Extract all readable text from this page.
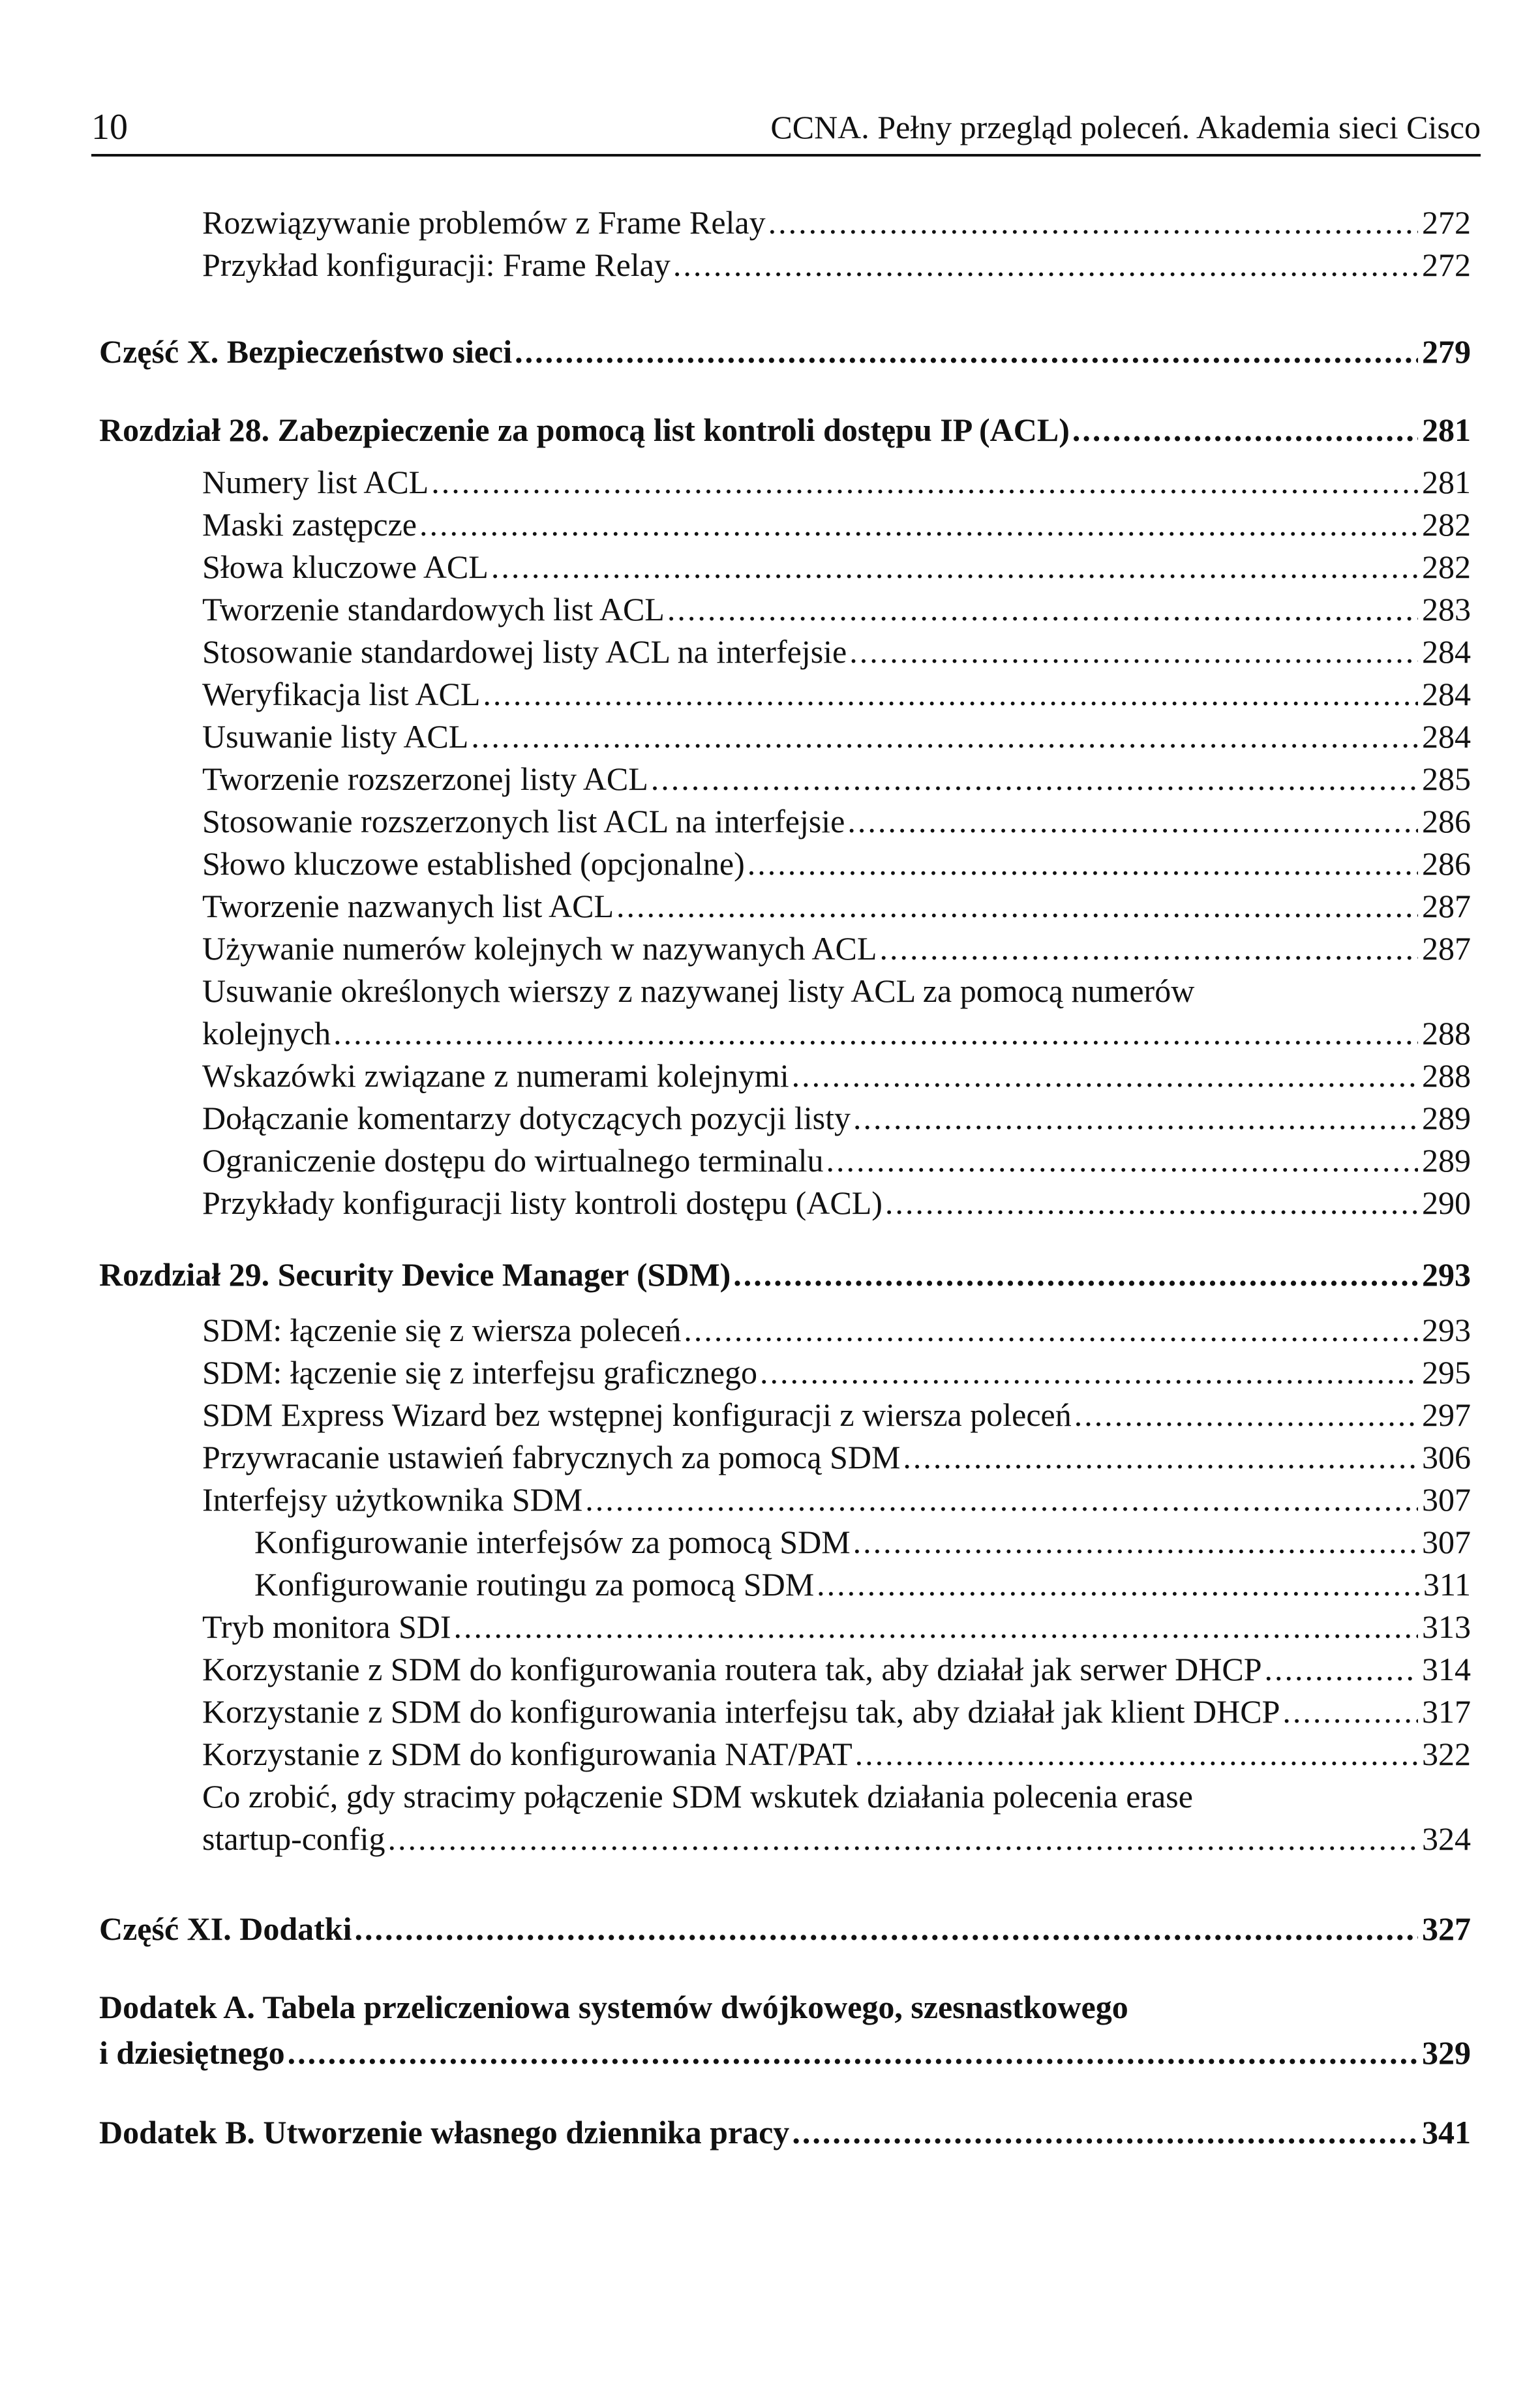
10	CCNA. Pełny przegląd poleceń. Akademia sieci Cisco
Rozwiązywanie problemów z Frame Relay .....	272
Przykład konfiguracji: Frame Relay .....	272
Część X. Bezpieczeństwo sieci .....	279
Rozdział 28. Zabezpieczenie za pomocą list kontroli dostępu IP (ACL) .....	281
Numery list ACL .....	281
Maski zastępcze .....	282
Słowa kluczowe ACL .....	282
Tworzenie standardowych list ACL .....	283
Stosowanie standardowej listy ACL na interfejsie .....	284
Weryfikacja list ACL .....	284
Usuwanie listy ACL .....	284
Tworzenie rozszerzonej listy ACL .....	285
Stosowanie rozszerzonych list ACL na interfejsie .....	286
Słowo kluczowe established (opcjonalne) .....	286
Tworzenie nazwanych list ACL .....	287
Używanie numerów kolejnych w nazywanych ACL .....	287
Usuwanie określonych wierszy z nazywanej listy ACL za pomocą numerów
kolejnych .....	288
Wskazówki związane z numerami kolejnymi .....	288
Dołączanie komentarzy dotyczących pozycji listy .....	289
Ograniczenie dostępu do wirtualnego terminalu .....	289
Przykłady konfiguracji listy kontroli dostępu (ACL) .....	290
Rozdział 29. Security Device Manager (SDM) .....	293
SDM: łączenie się z wiersza poleceń .....	293
SDM: łączenie się z interfejsu graficznego .....	295
SDM Express Wizard bez wstępnej konfiguracji z wiersza poleceń .....	297
Przywracanie ustawień fabrycznych za pomocą SDM .....	306
Interfejsy użytkownika SDM .....	307
Konfigurowanie interfejsów za pomocą SDM .....	307
Konfigurowanie routingu za pomocą SDM .....	311
Tryb monitora SDI .....	313
Korzystanie z SDM do konfigurowania routera tak, aby działał jak serwer DHCP .....	314
Korzystanie z SDM do konfigurowania interfejsu tak, aby działał jak klient DHCP .....	317
Korzystanie z SDM do konfigurowania NAT/PAT .....	322
Co zrobić, gdy stracimy połączenie SDM wskutek działania polecenia erase
startup-config .....	324
Część XI. Dodatki .....	327
Dodatek A. Tabela przeliczeniowa systemów dwójkowego, szesnastkowego
i dziesiętnego .....	329
Dodatek B. Utworzenie własnego dziennika pracy .....	341
